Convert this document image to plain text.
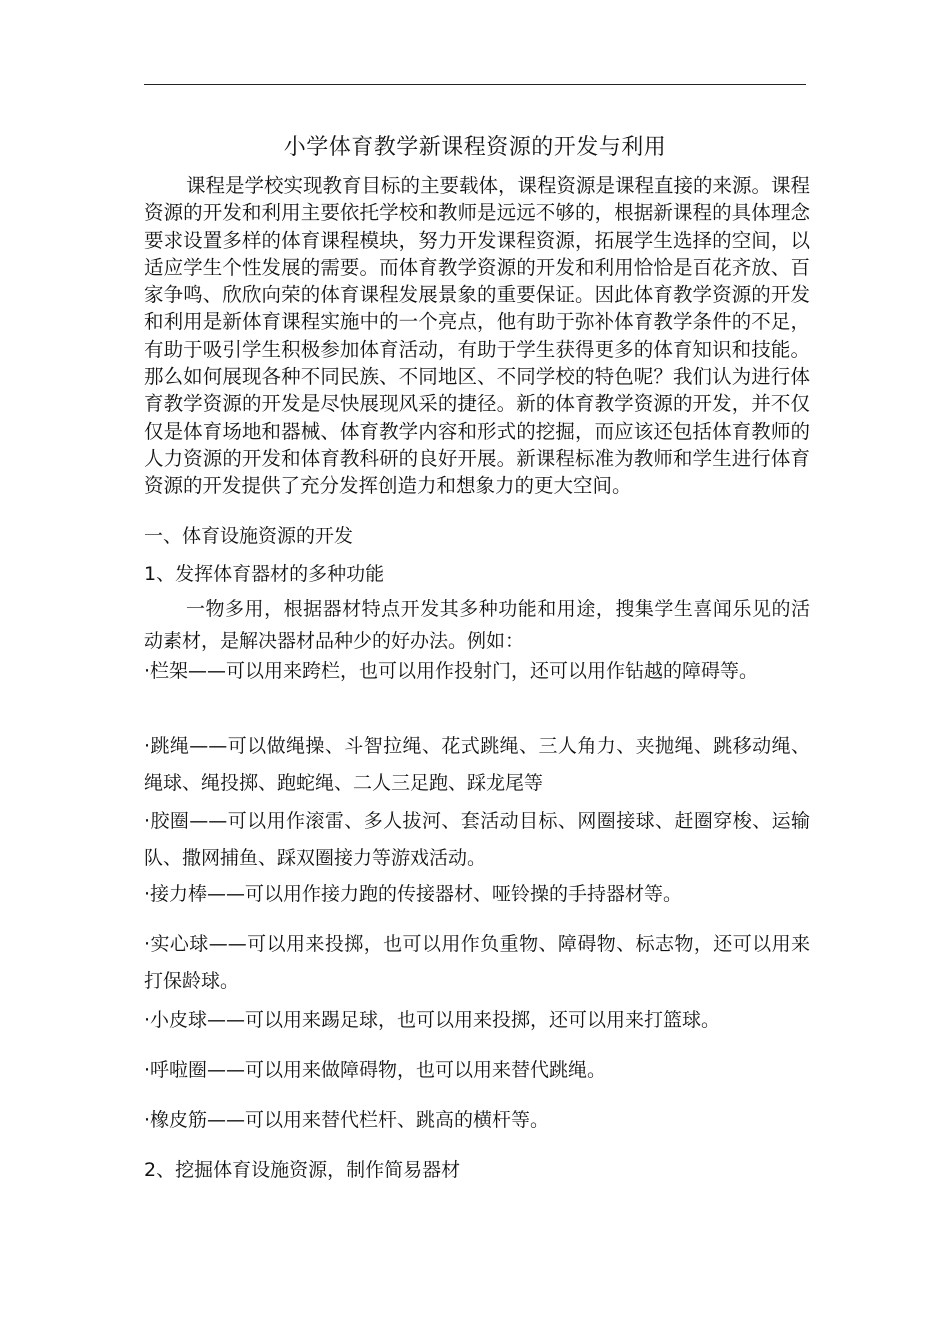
小学体育教学新课程资源的开发与利用

课程是学校实现教育目标的主要载体，课程资源是课程直接的来源。课程资源的开发和利用主要依托学校和教师是远远不够的，根据新课程的具体理念要求设置多样的体育课程模块，努力开发课程资源，拓展学生选择的空间，以适应学生个性发展的需要。而体育教学资源的开发和利用恰恰是百花齐放、百家争鸣、欣欣向荣的体育课程发展景象的重要保证。因此体育教学资源的开发和利用是新体育课程实施中的一个亮点，他有助于弥补体育教学条件的不足，有助于吸引学生积极参加体育活动，有助于学生获得更多的体育知识和技能。那么如何展现各种不同民族、不同地区、不同学校的特色呢？我们认为进行体育教学资源的开发是尽快展现风采的捷径。新的体育教学资源的开发，并不仅仅是体育场地和器械、体育教学内容和形式的挖掘，而应该还包括体育教师的人力资源的开发和体育教科研的良好开展。新课程标准为教师和学生进行体育资源的开发提供了充分发挥创造力和想象力的更大空间。

一、体育设施资源的开发
1、发挥体育器材的多种功能

一物多用，根据器材特点开发其多种功能和用途，搜集学生喜闻乐见的活动素材，是解决器材品种少的好办法。例如：

·栏架——可以用来跨栏，也可以用作投射门，还可以用作钻越的障碍等。

·跳绳——可以做绳操、斗智拉绳、花式跳绳、三人角力、夹抛绳、跳移动绳、绳球、绳投掷、跑蛇绳、二人三足跑、踩龙尾等

·胶圈——可以用作滚雷、多人拔河、套活动目标、网圈接球、赶圈穿梭、运输队、撒网捕鱼、踩双圈接力等游戏活动。

·接力棒——可以用作接力跑的传接器材、哑铃操的手持器材等。

·实心球——可以用来投掷，也可以用作负重物、障碍物、标志物，还可以用来打保龄球。

·小皮球——可以用来踢足球，也可以用来投掷，还可以用来打篮球。

·呼啦圈——可以用来做障碍物，也可以用来替代跳绳。

·橡皮筋——可以用来替代栏杆、跳高的横杆等。

2、挖掘体育设施资源，制作简易器材
